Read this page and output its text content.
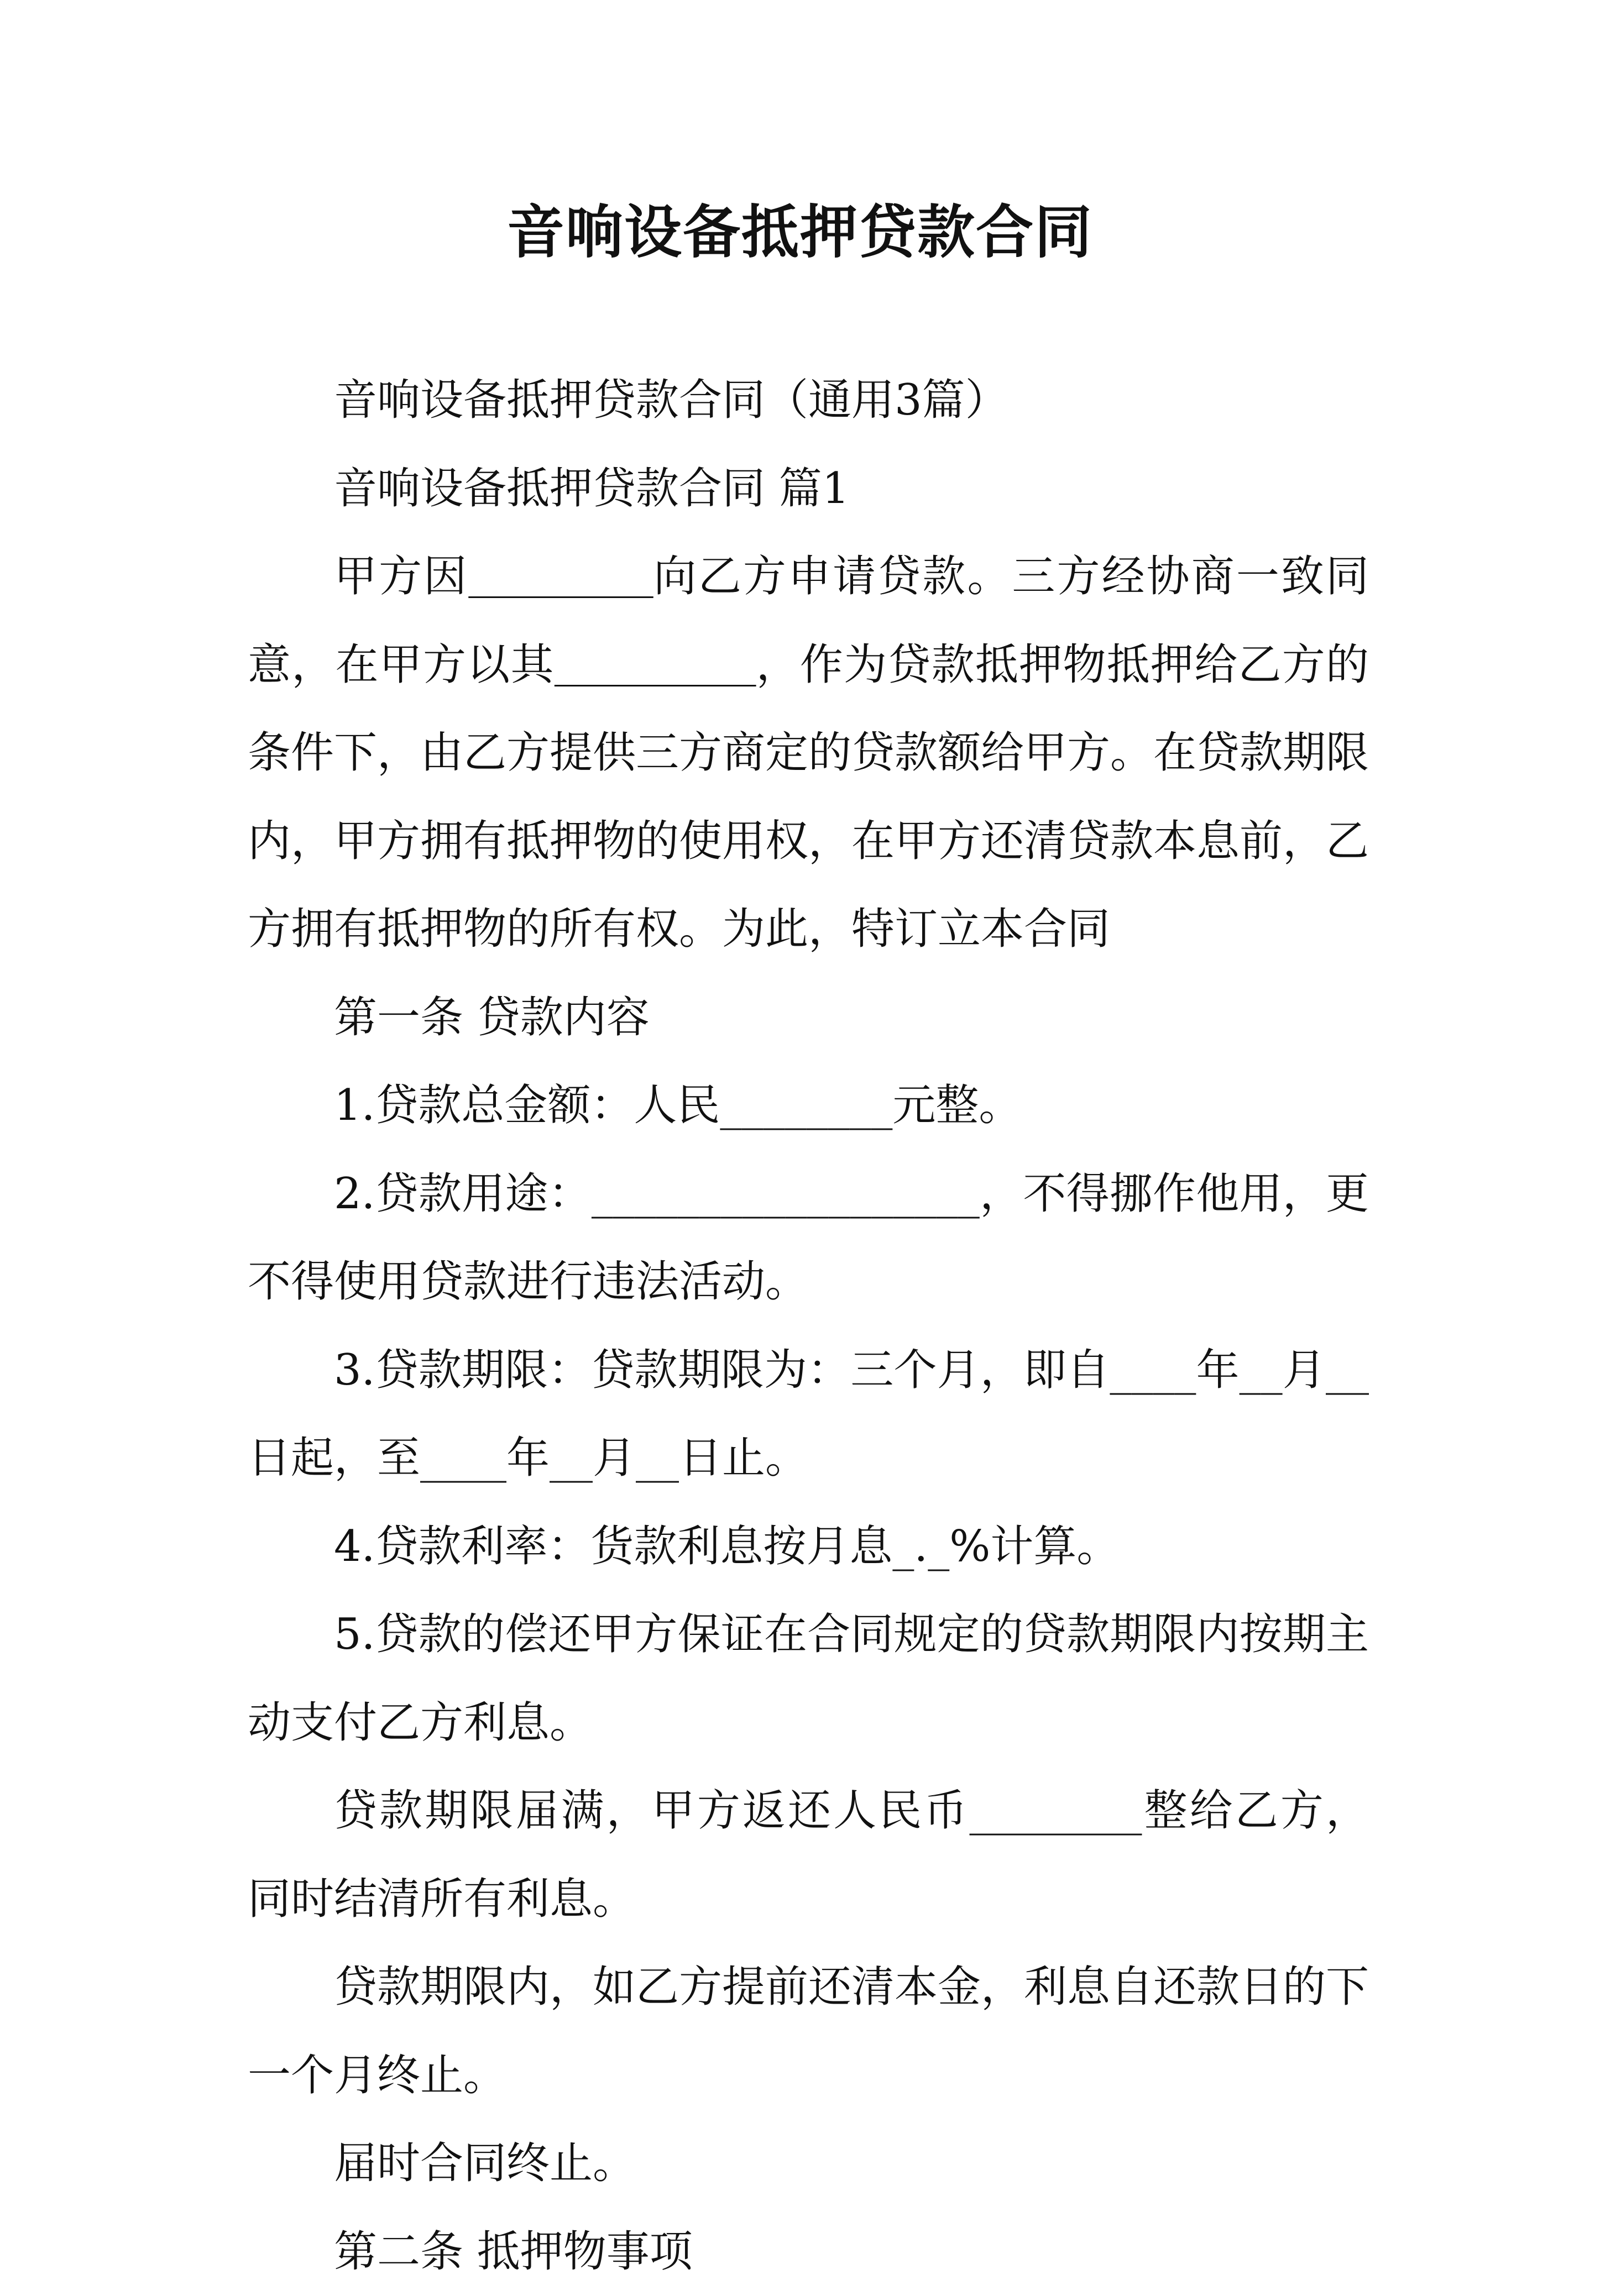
音响设备抵押贷款合同

音响设备抵押贷款合同（通用3篇）

音响设备抵押贷款合同 篇1

甲方因	向乙方申请贷款。三方经协商一致同意，在甲方以其	，作为贷款抵押物抵押给乙方的条件下，由乙方提供三方商定的贷款额给甲方。在贷款期限内，甲方拥有抵押物的使用权，在甲方还清贷款本息前，乙方拥有抵押物的所有权。为此，特订立本合同

第一条 贷款内容

1.贷款总金额：人民________元整。

2.贷款用途：__________________，不得挪作他用，更不得使用贷款进行违法活动。

3.贷款期限：贷款期限为：三个月，即自____年__月__日起，至____年__月__日止。

4.贷款利率：货款利息按月息_._%计算。

5.贷款的偿还甲方保证在合同规定的贷款期限内按期主动支付乙方利息。

贷款期限届满，甲方返还人民币________整给乙方，同时结清所有利息。

贷款期限内，如乙方提前还清本金，利息自还款日的下一个月终止。

届时合同终止。

第二条 抵押物事项
